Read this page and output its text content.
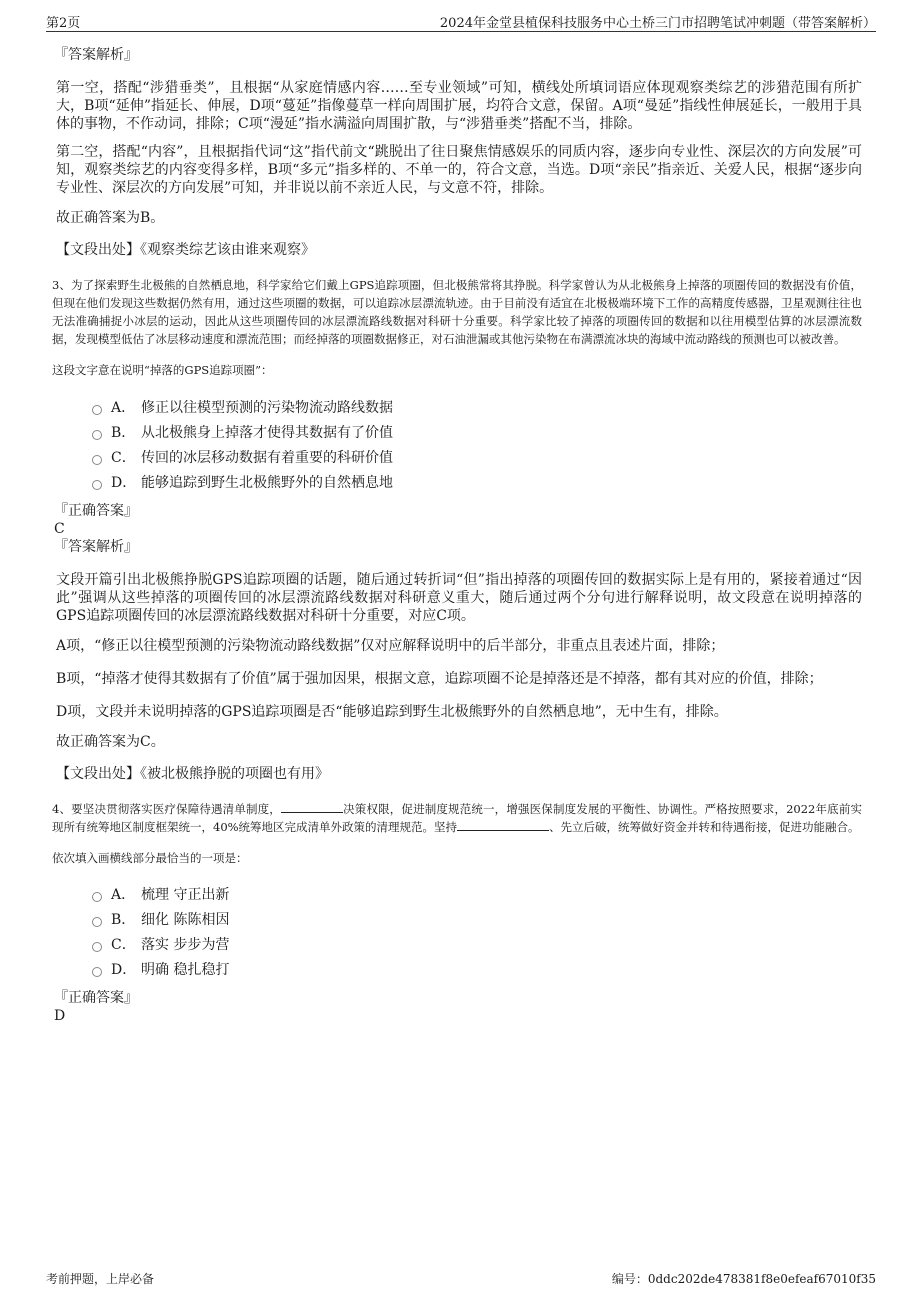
第2页	2024年金堂县植保科技服务中心土桥三门市招聘笔试冲刺题（带答案解析）
『答案解析』
第一空，搭配“涉猎垂类”，且根据“从家庭情感内容……至专业领域”可知，横线处所填词语应体现观察类综艺的涉猎范围有所扩大，B项“延伸”指延长、伸展，D项“蔓延”指像蔓草一样向周围扩展，均符合文意，保留。A项“曼延”指线性伸展延长，一般用于具体的事物，不作动词，排除；C项“漫延”指水满溢向周围扩散，与“涉猎垂类”搭配不当，排除。
第二空，搭配“内容”，且根据指代词“这”指代前文“跳脱出了往日聚焦情感娱乐的同质内容，逐步向专业性、深层次的方向发展”可知，观察类综艺的内容变得多样，B项“多元”指多样的、不单一的，符合文意，当选。D项“亲民”指亲近、关爱人民，根据“逐步向专业性、深层次的方向发展”可知，并非说以前不亲近人民，与文意不符，排除。
故正确答案为B。
【文段出处】《观察类综艺该由谁来观察》
3、为了探索野生北极熊的自然栖息地，科学家给它们戴上GPS追踪项圈，但北极熊常将其挣脱。科学家曾认为从北极熊身上掉落的项圈传回的数据没有价值，但现在他们发现这些数据仍然有用，通过这些项圈的数据，可以追踪冰层漂流轨迹。由于目前没有适宜在北极极端环境下工作的高精度传感器，卫星观测往往也无法准确捕捉小冰层的运动，因此从这些项圈传回的冰层漂流路线数据对科研十分重要。科学家比较了掉落的项圈传回的数据和以往用模型估算的冰层漂流数据，发现模型低估了冰层移动速度和漂流范围；而经掉落的项圈数据修正，对石油泄漏或其他污染物在布满漂流冰块的海域中流动路线的预测也可以被改善。
这段文字意在说明“掉落的GPS追踪项圈”：
A． 修正以往模型预测的污染物流动路线数据
B． 从北极熊身上掉落才使得其数据有了价值
C． 传回的冰层移动数据有着重要的科研价值
D． 能够追踪到野生北极熊野外的自然栖息地
『正确答案』
C
『答案解析』
文段开篇引出北极熊挣脱GPS追踪项圈的话题，随后通过转折词“但”指出掉落的项圈传回的数据实际上是有用的，紧接着通过“因此”强调从这些掉落的项圈传回的冰层漂流路线数据对科研意义重大，随后通过两个分句进行解释说明，故文段意在说明掉落的GPS追踪项圈传回的冰层漂流路线数据对科研十分重要，对应C项。
A项，“修正以往模型预测的污染物流动路线数据”仅对应解释说明中的后半部分，非重点且表述片面，排除；
B项，“掉落才使得其数据有了价值”属于强加因果，根据文意，追踪项圈不论是掉落还是不掉落，都有其对应的价值，排除；
D项，文段并未说明掉落的GPS追踪项圈是否“能够追踪到野生北极熊野外的自然栖息地”，无中生有，排除。
故正确答案为C。
【文段出处】《被北极熊挣脱的项圈也有用》
4、要坚决贯彻落实医疗保障待遇清单制度，	决策权限，促进制度规范统一，增强医保制度发展的平衡性、协调性。严格按照要求，2022年底前实现所有统筹地区制度框架统一，40%统筹地区完成清单外政策的清理规范。坚持	、先立后破，统筹做好资金并转和待遇衔接，促进功能融合。
依次填入画横线部分最恰当的一项是：
A． 梳理 守正出新
B． 细化 陈陈相因
C． 落实 步步为营
D． 明确 稳扎稳打
『正确答案』
D
考前押题，上岸必备	编号：0ddc202de478381f8e0efeaf67010f35
